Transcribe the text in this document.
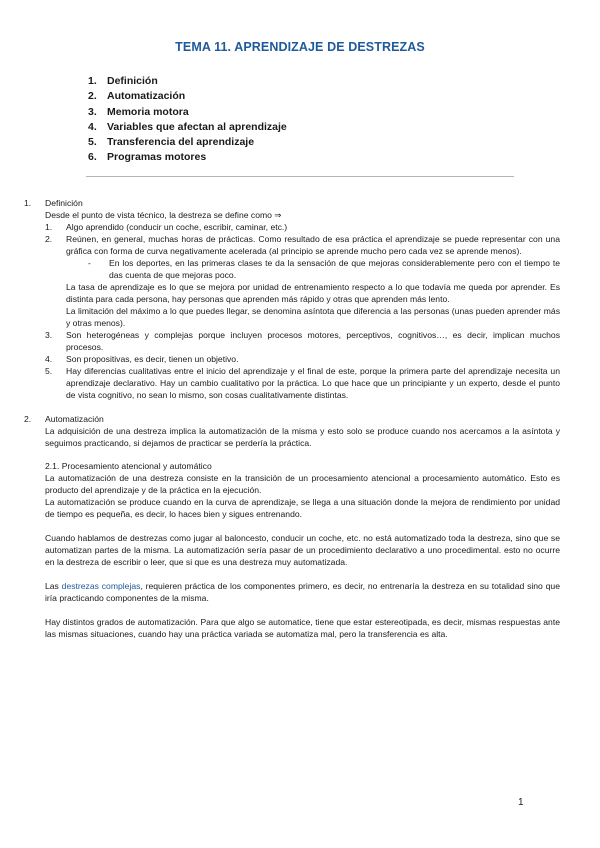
TEMA 11. APRENDIZAJE DE DESTREZAS
1. Definición
2. Automatización
3. Memoria motora
4. Variables que afectan al aprendizaje
5. Transferencia del aprendizaje
6. Programas motores
1.	Definición
Desde el punto de vista técnico, la destreza se define como ⇒
1.	Algo aprendido (conducir un coche, escribir, caminar, etc.)
2.	Reúnen, en general, muchas horas de prácticas. Como resultado de esa práctica el aprendizaje se puede representar con una gráfica con forma de curva negativamente acelerada (al principio se aprende mucho pero cada vez se aprende menos).
-	En los deportes, en las primeras clases te da la sensación de que mejoras considerablemente pero con el tiempo te das cuenta de que mejoras poco.
La tasa de aprendizaje es lo que se mejora por unidad de entrenamiento respecto a lo que todavía me queda por aprender. Es distinta para cada persona, hay personas que aprenden más rápido y otras que aprenden más lento.
La limitación del máximo a lo que puedes llegar, se denomina asíntota que diferencia a las personas (unas pueden aprender más y otras menos).
3.	Son heterogéneas y complejas porque incluyen procesos motores, perceptivos, cognitivos…, es decir, implican muchos procesos.
4.	Son propositivas, es decir, tienen un objetivo.
5.	Hay diferencias cualitativas entre el inicio del aprendizaje y el final de este, porque la primera parte del aprendizaje necesita un aprendizaje declarativo. Hay un cambio cualitativo por la práctica. Lo que hace que un principiante y un experto, desde el punto de vista cognitivo, no sean lo mismo, son cosas cualitativamente distintas.
2.	Automatización
La adquisición de una destreza implica la automatización de la misma y esto solo se produce cuando nos acercamos a la asíntota y seguimos practicando, si dejamos de practicar se perdería la práctica.
2.1. Procesamiento atencional y automático
La automatización de una destreza consiste en la transición de un procesamiento atencional a procesamiento automático. Esto es producto del aprendizaje y de la práctica en la ejecución.
La automatización se produce cuando en la curva de aprendizaje, se llega a una situación donde la mejora de rendimiento por unidad de tiempo es pequeña, es decir, lo haces bien y sigues entrenando.
Cuando hablamos de destrezas como jugar al baloncesto, conducir un coche, etc. no está automatizado toda la destreza, sino que se automatizan partes de la misma. La automatización sería pasar de un procedimiento declarativo a uno procedimental. esto no ocurre en la destreza de escribir o leer, que si que es una destreza muy automatizada.
Las destrezas complejas, requieren práctica de los componentes primero, es decir, no entrenaría la destreza en su totalidad sino que iría practicando componentes de la misma.
Hay distintos grados de automatización. Para que algo se automatice, tiene que estar estereotipada, es decir, mismas respuestas ante las mismas situaciones, cuando hay una práctica variada se automatiza mal, pero la transferencia es alta.
1
